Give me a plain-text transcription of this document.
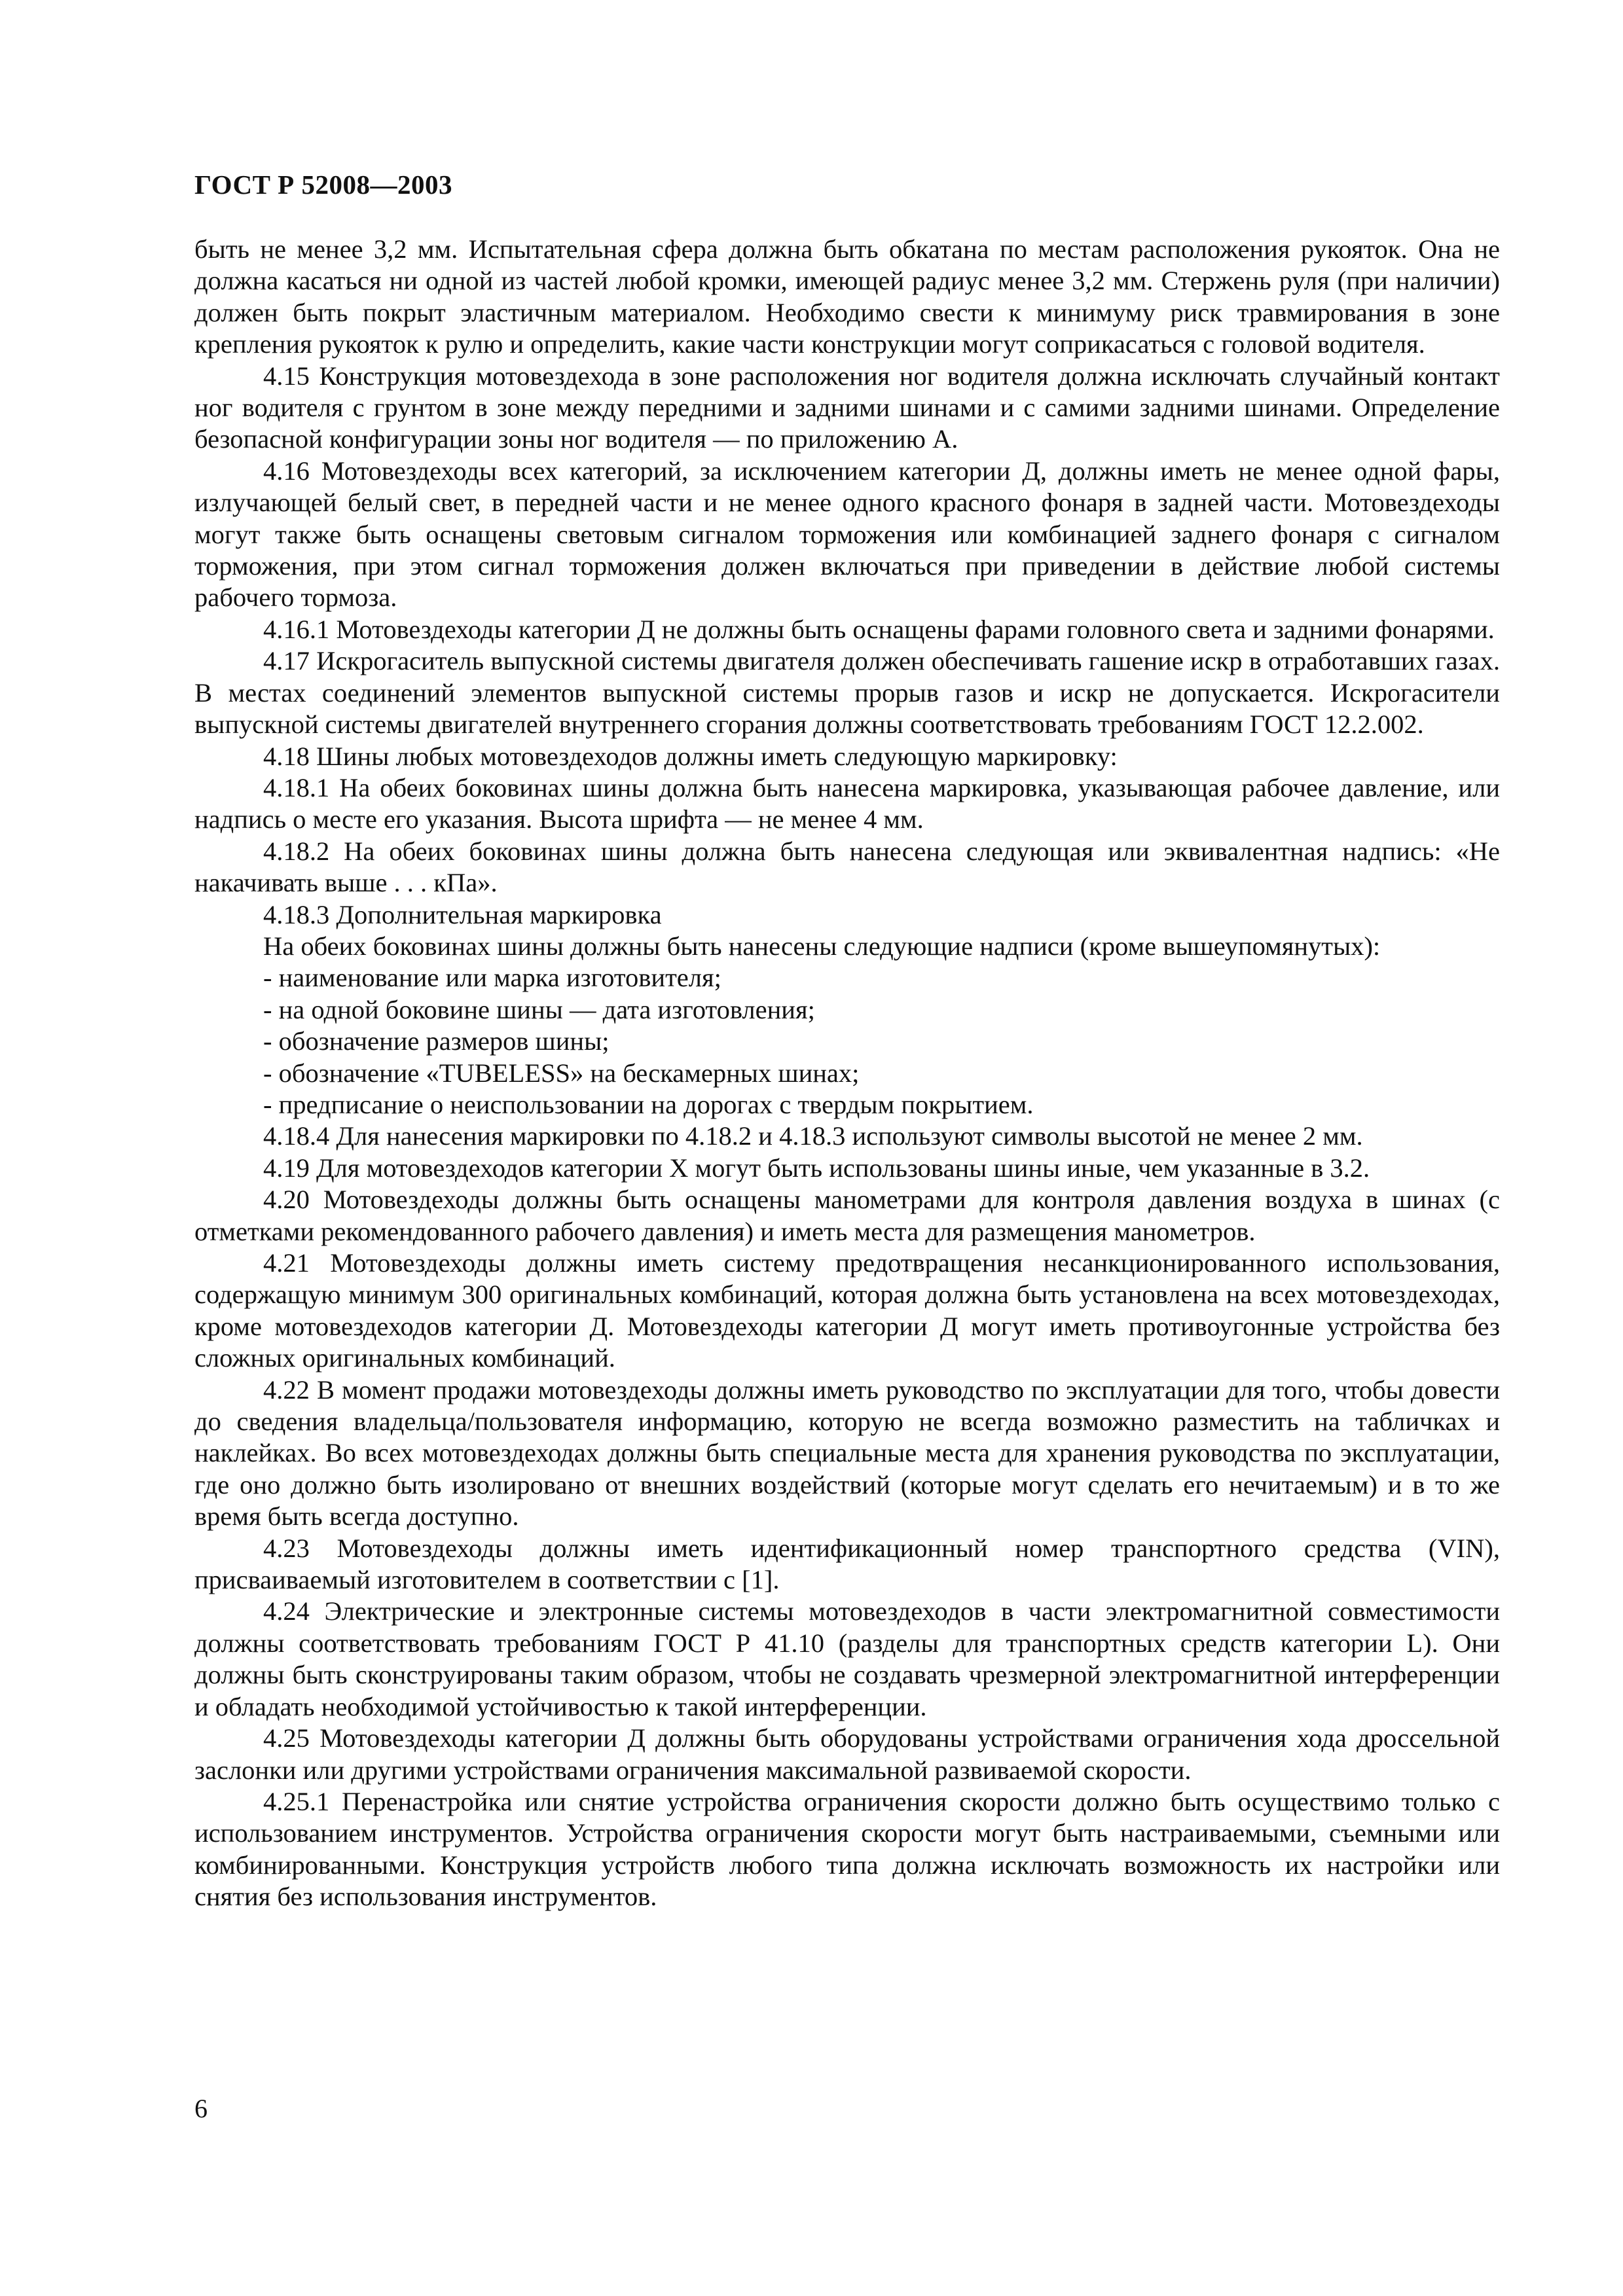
ГОСТ Р 52008—2003

быть не менее 3,2 мм. Испытательная сфера должна быть обкатана по местам расположения рукояток. Она не должна касаться ни одной из частей любой кромки, имеющей радиус менее 3,2 мм. Стержень руля (при наличии) должен быть покрыт эластичным материалом. Необходимо свести к минимуму риск травмирования в зоне крепления рукояток к рулю и определить, какие части конструкции могут соприкасаться с головой водителя.

4.15 Конструкция мотовездехода в зоне расположения ног водителя должна исключать случайный контакт ног водителя с грунтом в зоне между передними и задними шинами и с самими задними шинами. Определение безопасной конфигурации зоны ног водителя — по приложению А.

4.16 Мотовездеходы всех категорий, за исключением категории Д, должны иметь не менее одной фары, излучающей белый свет, в передней части и не менее одного красного фонаря в задней части. Мотовездеходы могут также быть оснащены световым сигналом торможения или комбинацией заднего фонаря с сигналом торможения, при этом сигнал торможения должен включаться при приведении в действие любой системы рабочего тормоза.

4.16.1 Мотовездеходы категории Д не должны быть оснащены фарами головного света и задними фонарями.

4.17 Искрогаситель выпускной системы двигателя должен обеспечивать гашение искр в отработавших газах. В местах соединений элементов выпускной системы прорыв газов и искр не допускается. Искрогасители выпускной системы двигателей внутреннего сгорания должны соответствовать требованиям ГОСТ 12.2.002.

4.18 Шины любых мотовездеходов должны иметь следующую маркировку:

4.18.1 На обеих боковинах шины должна быть нанесена маркировка, указывающая рабочее давление, или надпись о месте его указания. Высота шрифта — не менее 4 мм.

4.18.2 На обеих боковинах шины должна быть нанесена следующая или эквивалентная надпись: «Не накачивать выше . . . кПа».

4.18.3 Дополнительная маркировка

На обеих боковинах шины должны быть нанесены следующие надписи (кроме вышеупомянутых):

- наименование или марка изготовителя;

- на одной боковине шины — дата изготовления;

- обозначение размеров шины;

- обозначение «TUBELESS» на бескамерных шинах;

- предписание о неиспользовании на дорогах с твердым покрытием.

4.18.4 Для нанесения маркировки по 4.18.2 и 4.18.3 используют символы высотой не менее 2 мм.

4.19 Для мотовездеходов категории Х могут быть использованы шины иные, чем указанные в 3.2.

4.20 Мотовездеходы должны быть оснащены манометрами для контроля давления воздуха в шинах (с отметками рекомендованного рабочего давления) и иметь места для размещения манометров.

4.21 Мотовездеходы должны иметь систему предотвращения несанкционированного использования, содержащую минимум 300 оригинальных комбинаций, которая должна быть установлена на всех мотовездеходах, кроме мотовездеходов категории Д. Мотовездеходы категории Д могут иметь противоугонные устройства без сложных оригинальных комбинаций.

4.22 В момент продажи мотовездеходы должны иметь руководство по эксплуатации для того, чтобы довести до сведения владельца/пользователя информацию, которую не всегда возможно разместить на табличках и наклейках. Во всех мотовездеходах должны быть специальные места для хранения руководства по эксплуатации, где оно должно быть изолировано от внешних воздействий (которые могут сделать его нечитаемым) и в то же время быть всегда доступно.

4.23 Мотовездеходы должны иметь идентификационный номер транспортного средства (VIN), присваиваемый изготовителем в соответствии с [1].

4.24 Электрические и электронные системы мотовездеходов в части электромагнитной совместимости должны соответствовать требованиям ГОСТ Р 41.10 (разделы для транспортных средств категории L). Они должны быть сконструированы таким образом, чтобы не создавать чрезмерной электромагнитной интерференции и обладать необходимой устойчивостью к такой интерференции.

4.25 Мотовездеходы категории Д должны быть оборудованы устройствами ограничения хода дроссельной заслонки или другими устройствами ограничения максимальной развиваемой скорости.

4.25.1 Перенастройка или снятие устройства ограничения скорости должно быть осуществимо только с использованием инструментов. Устройства ограничения скорости могут быть настраиваемыми, съемными или комбинированными. Конструкция устройств любого типа должна исключать возможность их настройки или снятия без использования инструментов.

6
